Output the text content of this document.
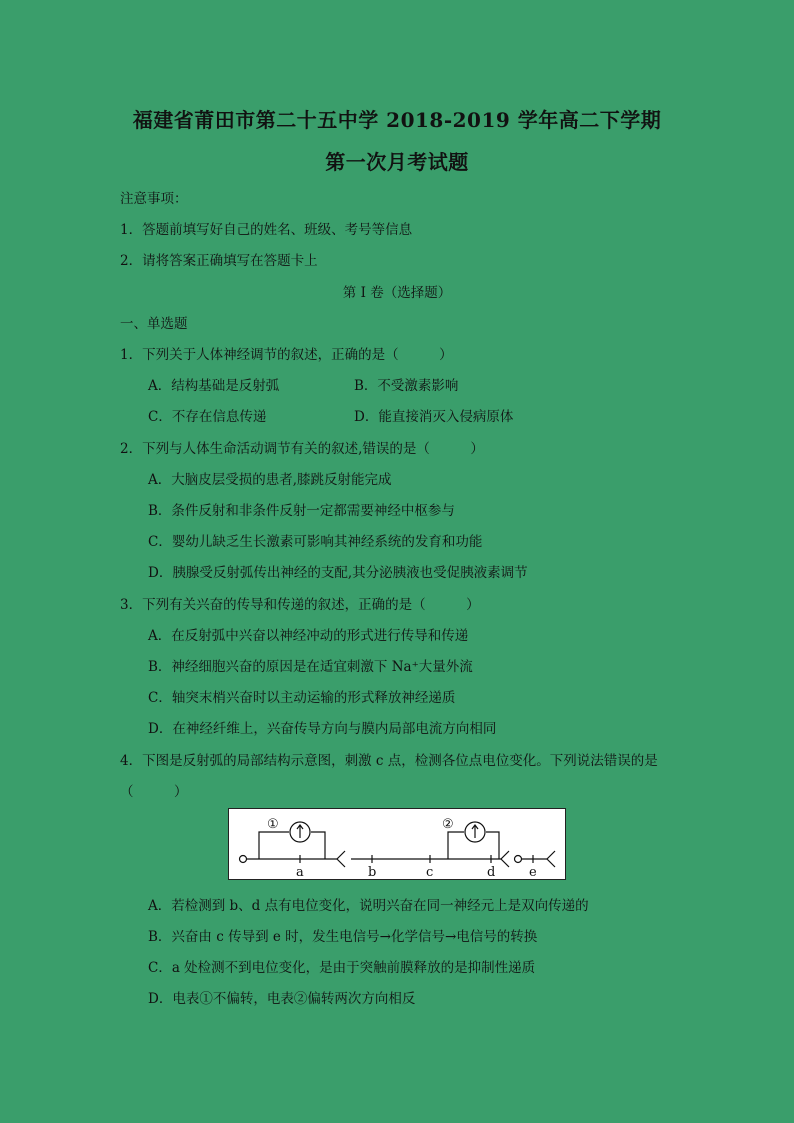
福建省莆田市第二十五中学 2018-2019 学年高二下学期
第一次月考试题
注意事项：
1．答题前填写好自己的姓名、班级、考号等信息
2．请将答案正确填写在答题卡上
第 I 卷（选择题）
一、单选题
1．下列关于人体神经调节的叙述，正确的是（　　　）
A．结构基础是反射弧	B．不受激素影响
C．不存在信息传递	D．能直接消灭入侵病原体
2．下列与人体生命活动调节有关的叙述,错误的是（　　　）
A．大脑皮层受损的患者,膝跳反射能完成
B．条件反射和非条件反射一定都需要神经中枢参与
C．婴幼儿缺乏生长激素可影响其神经系统的发育和功能
D．胰腺受反射弧传出神经的支配,其分泌胰液也受促胰液素调节
3．下列有关兴奋的传导和传递的叙述，正确的是（　　　）
A．在反射弧中兴奋以神经冲动的形式进行传导和传递
B．神经细胞兴奋的原因是在适宜刺激下 Na⁺大量外流
C．轴突末梢兴奋时以主动运输的形式释放神经递质
D．在神经纤维上，兴奋传导方向与膜内局部电流方向相同
4．下图是反射弧的局部结构示意图，刺激 c 点，检测各位点电位变化。下列说法错误的是
（　　　）
①	②
a	b	c	d	e
A．若检测到 b、d 点有电位变化，说明兴奋在同一神经元上是双向传递的
B．兴奋由 c 传导到 e 时，发生电信号→化学信号→电信号的转换
C．a 处检测不到电位变化，是由于突触前膜释放的是抑制性递质
D．电表①不偏转，电表②偏转两次方向相反
